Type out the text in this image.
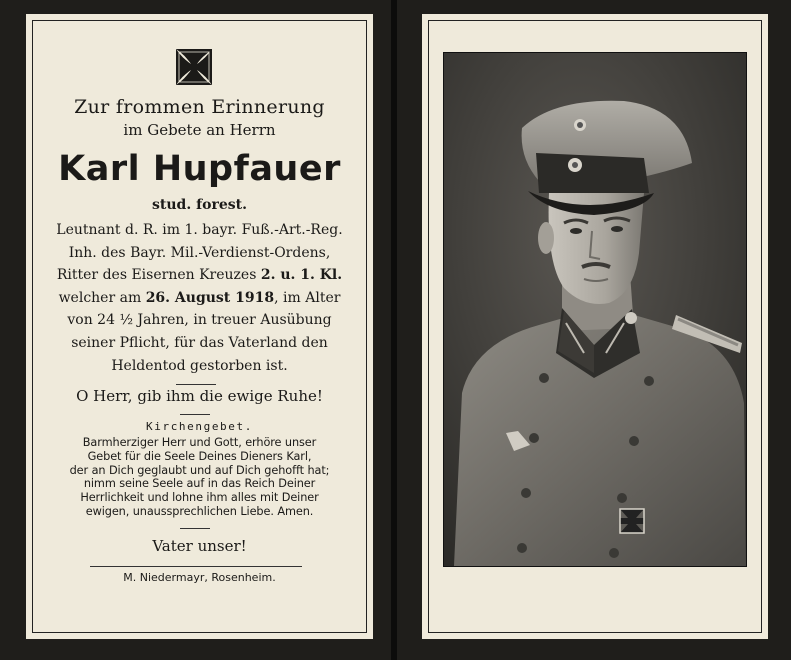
Zur frommen Erinnerung
im Gebete an Herrn
Karl Hupfauer
stud. forest.
Leutnant d. R. im 1. bayr. Fuß.-Art.-Reg.
Inh. des Bayr. Mil.-Verdienst-Ordens,
Ritter des Eisernen Kreuzes 2. u. 1. Kl.
welcher am 26. August 1918, im Alter
von 24 ½ Jahren, in treuer Ausübung
seiner Pflicht, für das Vaterland den
Heldentod gestorben ist.
O Herr, gib ihm die ewige Ruhe!
Kirchengebet.
Barmherziger Herr und Gott, erhöre unser
Gebet für die Seele Deines Dieners Karl,
der an Dich geglaubt und auf Dich gehofft hat;
nimm seine Seele auf in das Reich Deiner
Herrlichkeit und lohne ihm alles mit Deiner
ewigen, unaussprechlichen Liebe. Amen.
Vater unser!
M. Niedermayr, Rosenheim.
